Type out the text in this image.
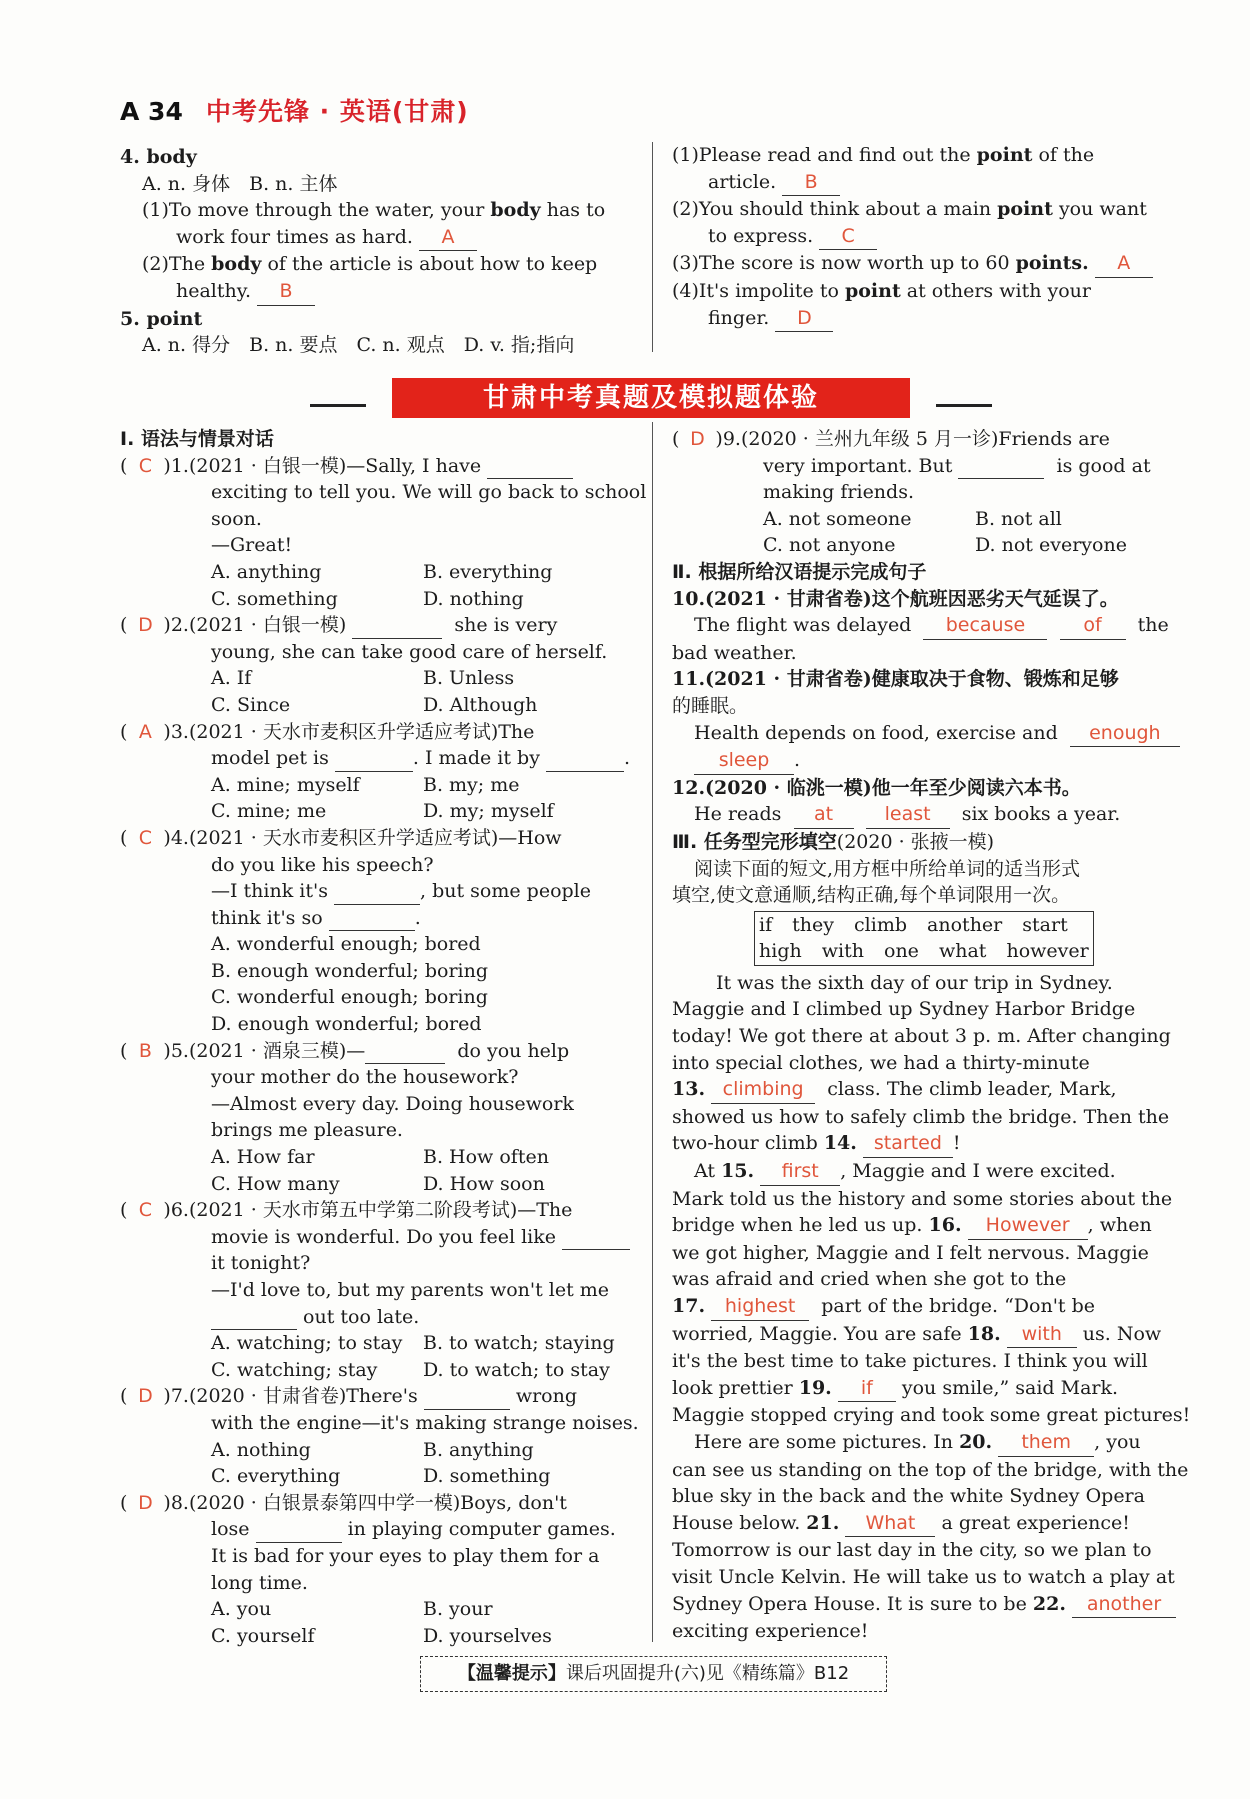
A 34 中考先锋 · 英语(甘肃)
4. body
A. n. 身体　B. n. 主体
(1)To move through the water, your
body
has to
work four times as hard.
	A
(2)The
body
of the article is about how to keep
healthy.
	B
5. point
A. n. 得分　B. n. 要点　C. n. 观点　D. v. 指;指向
(1)Please read and find out the
point
of the
article.
	B
(2)You should think about a main
point
you want
to express.
	C
(3)The score is now worth up to 60
points.
	A
(4)It's impolite to
point
at others with your
finger.
	D
甘肃中考真题及模拟题体验
Ⅰ. 语法与情景对话
( C )1.(2021 · 白银一模)—Sally, I have

exciting to tell you. We will go back to school
soon.
—Great!
A. anything	B. everything
C. something	D. nothing
( D )2.(2021 · 白银一模)

	she is very
young, she can take good care of herself.
A. If	B. Unless
C. Since	D. Although
( A )3.(2021 · 天水市麦积区升学适应考试)The
model pet is
	. I made it by
	.
A. mine; myself	B. my; me
C. mine; me	D. my; myself
( C )4.(2021 · 天水市麦积区升学适应考试)—How
do you like his speech?
—I think it's
	, but some people
think it's so
	.
A. wonderful enough; bored
B. enough wonderful; boring
C. wonderful enough; boring
D. enough wonderful; bored
( B )5.(2021 · 酒泉三模)—
	do you help
your mother do the housework?
—Almost every day. Doing housework
brings me pleasure.
A. How far	B. How often
C. How many	D. How soon
( C )6.(2021 · 天水市第五中学第二阶段考试)—The
movie is wonderful. Do you feel like

it tonight?
—I'd love to, but my parents won't let me

out too late.
A. watching; to stay	B. to watch; staying
C. watching; stay	D. to watch; to stay
( D )7.(2020 · 甘肃省卷)There's

	wrong
with the engine—it's making strange noises.
A. nothing	B. anything
C. everything	D. something
( D )8.(2020 · 白银景泰第四中学一模)Boys, don't
lose

	in playing computer games.
It is bad for your eyes to play them for a
long time.
A. you	B. your
C. yourself	D. yourselves
( D )9.(2020 · 兰州九年级 5 月一诊)Friends are
very important. But

	is good at
making friends.
A. not someone	B. not all
C. not anyone	D. not everyone
Ⅱ. 根据所给汉语提示完成句子
10.(2021 · 甘肃省卷)这个航班因恶劣天气延误了。
The flight was delayed
	because
	of
	the
bad weather.
11.(2021 · 甘肃省卷)健康取决于食物、锻炼和足够
的睡眠。
Health depends on food, exercise and
	enough
sleep	.
12.(2020 · 临洮一模)他一年至少阅读六本书。
He reads
	at
	least
	six books a year.
Ⅲ. 任务型完形填空 (2020 · 张掖一模)
阅读下面的短文,用方框中所给单词的适当形式
填空,使文意通顺,结构正确,每个单词限用一次。
if they climb another start
high with one what however
It was the sixth day of our trip in Sydney.
Maggie and I climbed up Sydney Harbor Bridge
today! We got there at about 3 p. m. After changing
into special clothes, we had a thirty-minute
13.
climbing
	class. The climb leader, Mark,
showed us how to safely climb the bridge. Then the
two-hour climb
14.
started !
At
15.
	first	, Maggie and I were excited.
Mark told us the history and some stories about the
bridge when he led us up.
16.
	However , when
we got higher, Maggie and I felt nervous. Maggie
was afraid and cried when she got to the
17.
	highest
	part of the bridge. “Don't be
worried, Maggie. You are safe
18.
	with
	us. Now
it's the best time to take pictures. I think you will
look prettier
19.
	if
	you smile,” said Mark.
Maggie stopped crying and took some great pictures!
Here are some pictures. In
20.
	them	, you
can see us standing on the top of the bridge, with the
blue sky in the back and the white Sydney Opera
House below.
21.
	What
	a great experience!
Tomorrow is our last day in the city, so we plan to
visit Uncle Kelvin. He will take us to watch a play at
Sydney Opera House. It is sure to be
22.
	another
exciting experience!
【温馨提示】课后巩固提升(六)见《精练篇》B12
